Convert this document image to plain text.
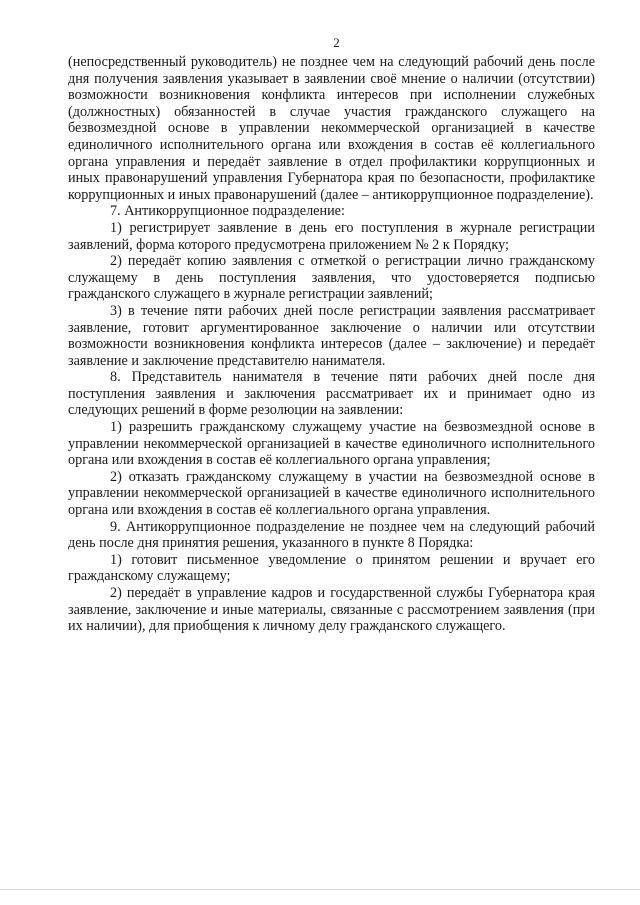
2

(непосредственный руководитель) не позднее чем на следующий рабочий день после дня получения заявления указывает в заявлении своё мнение о наличии (отсутствии) возможности возникновения конфликта интересов при исполнении служебных (должностных) обязанностей в случае участия гражданского служащего на безвозмездной основе в управлении некоммерческой организацией в качестве единоличного исполнительного органа или вхождения в состав её коллегиального органа управления и передаёт заявление в отдел профилактики коррупционных и иных правонарушений управления Губернатора края по безопасности, профилактике коррупционных и иных правонарушений (далее – антикоррупционное подразделение).

7. Антикоррупционное подразделение:

1) регистрирует заявление в день его поступления в журнале регистрации заявлений, форма которого предусмотрена приложением № 2 к Порядку;

2) передаёт копию заявления с отметкой о регистрации лично гражданскому служащему в день поступления заявления, что удостоверяется подписью гражданского служащего в журнале регистрации заявлений;

3) в течение пяти рабочих дней после регистрации заявления рассматривает заявление, готовит аргументированное заключение о наличии или отсутствии возможности возникновения конфликта интересов (далее – заключение) и передаёт заявление и заключение представителю нанимателя.

8. Представитель нанимателя в течение пяти рабочих дней после дня поступления заявления и заключения рассматривает их и принимает одно из следующих решений в форме резолюции на заявлении:

1) разрешить гражданскому служащему участие на безвозмездной основе в управлении некоммерческой организацией в качестве единоличного исполнительного органа или вхождения в состав её коллегиального органа управления;

2) отказать гражданскому служащему в участии на безвозмездной основе в управлении некоммерческой организацией в качестве единоличного исполнительного органа или вхождения в состав её коллегиального органа управления.

9. Антикоррупционное подразделение не позднее чем на следующий рабочий день после дня принятия решения, указанного в пункте 8 Порядка:

1) готовит письменное уведомление о принятом решении и вручает его гражданскому служащему;

2) передаёт в управление кадров и государственной службы Губернатора края заявление, заключение и иные материалы, связанные с рассмотрением заявления (при их наличии), для приобщения к личному делу гражданского служащего.
